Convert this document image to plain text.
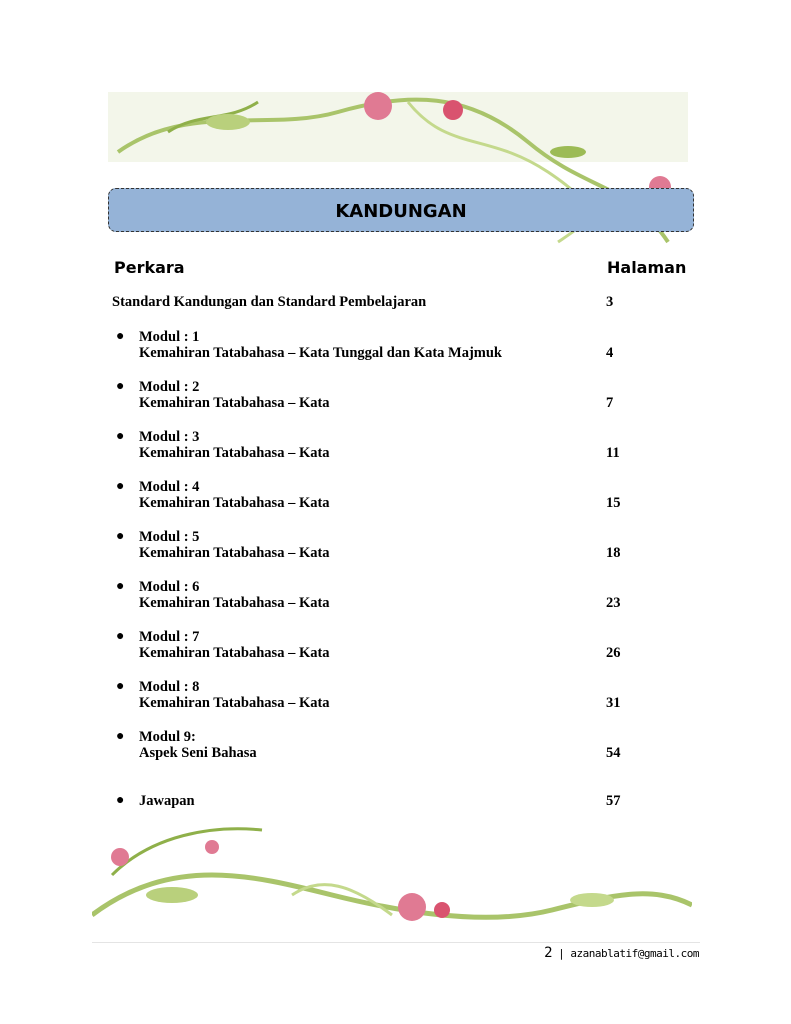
KANDUNGAN
Perkara	Halaman
Standard Kandungan dan Standard Pembelajaran	3
● Modul : 1
Kemahiran Tatabahasa – Kata Tunggal dan Kata Majmuk	4
● Modul : 2
Kemahiran Tatabahasa – Kata	7
● Modul : 3
Kemahiran Tatabahasa – Kata	11
● Modul : 4
Kemahiran Tatabahasa – Kata	15
● Modul : 5
Kemahiran Tatabahasa – Kata	18
● Modul : 6
Kemahiran Tatabahasa – Kata	23
● Modul : 7
Kemahiran Tatabahasa – Kata	26
● Modul : 8
Kemahiran Tatabahasa – Kata	31
● Modul 9:
Aspek Seni Bahasa	54
● Jawapan	57
2 | azanablatif@gmail.com
